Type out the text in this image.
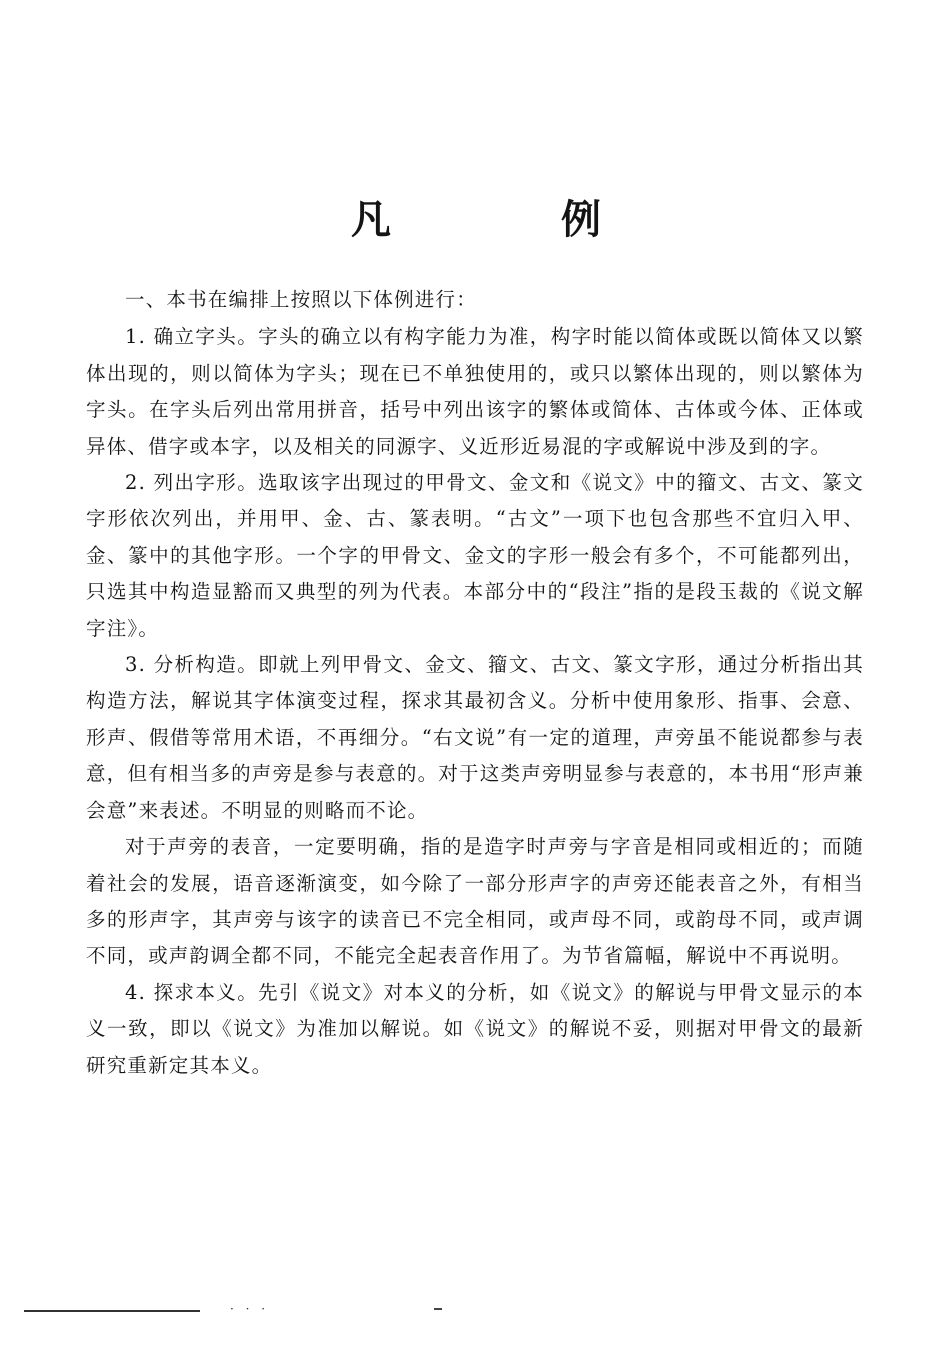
凡 例

一、本书在编排上按照以下体例进行：

1. 确立字头。字头的确立以有构字能力为准，构字时能以简体或既以简体又以繁体出现的，则以简体为字头；现在已不单独使用的，或只以繁体出现的，则以繁体为字头。在字头后列出常用拼音，括号中列出该字的繁体或简体、古体或今体、正体或异体、借字或本字，以及相关的同源字、义近形近易混的字或解说中涉及到的字。

2. 列出字形。选取该字出现过的甲骨文、金文和《说文》中的籀文、古文、篆文字形依次列出，并用甲、金、古、篆表明。“古文”一项下也包含那些不宜归入甲、金、篆中的其他字形。一个字的甲骨文、金文的字形一般会有多个，不可能都列出，只选其中构造显豁而又典型的列为代表。本部分中的“段注”指的是段玉裁的《说文解字注》。

3. 分析构造。即就上列甲骨文、金文、籀文、古文、篆文字形，通过分析指出其构造方法，解说其字体演变过程，探求其最初含义。分析中使用象形、指事、会意、形声、假借等常用术语，不再细分。“右文说”有一定的道理，声旁虽不能说都参与表意，但有相当多的声旁是参与表意的。对于这类声旁明显参与表意的，本书用“形声兼会意”来表述。不明显的则略而不论。

对于声旁的表音，一定要明确，指的是造字时声旁与字音是相同或相近的；而随着社会的发展，语音逐渐演变，如今除了一部分形声字的声旁还能表音之外，有相当多的形声字，其声旁与该字的读音已不完全相同，或声母不同，或韵母不同，或声调不同，或声韵调全都不同，不能完全起表音作用了。为节省篇幅，解说中不再说明。

4. 探求本义。先引《说文》对本义的分析，如《说文》的解说与甲骨文显示的本义一致，即以《说文》为准加以解说。如《说文》的解说不妥，则据对甲骨文的最新研究重新定其本义。

· · ·
